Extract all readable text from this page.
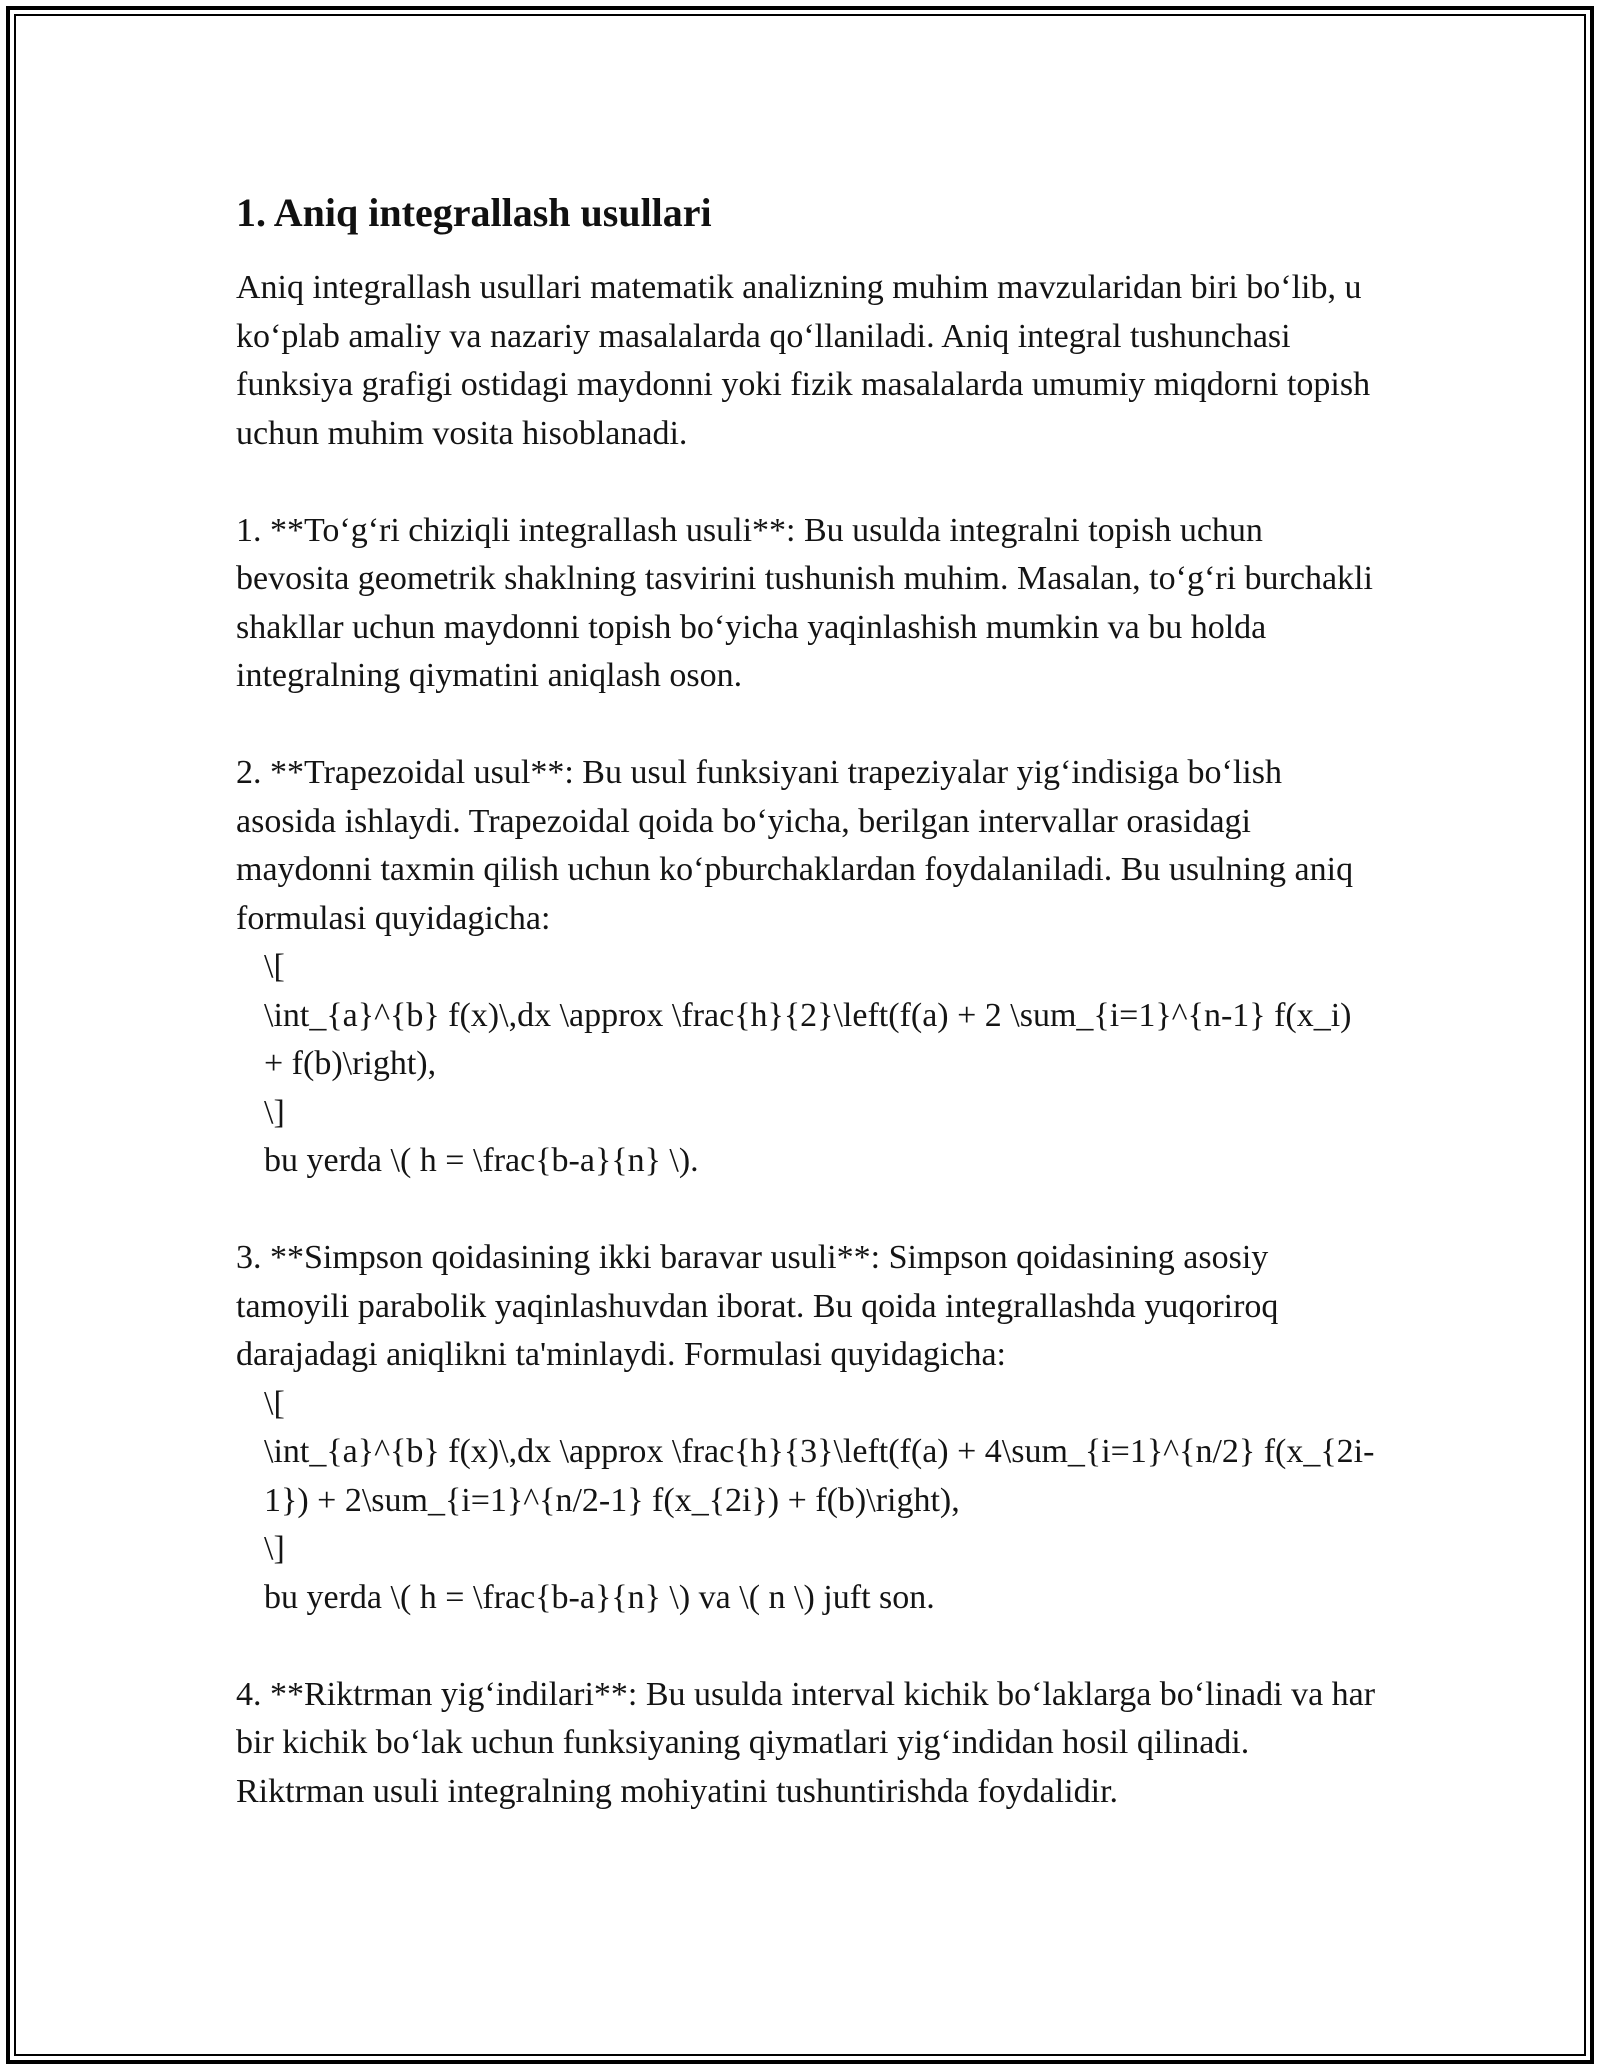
1. Aniq integrallash usullari

Aniq integrallash usullari matematik analizning muhim mavzularidan biri bo‘lib, u ko‘plab amaliy va nazariy masalalarda qo‘llaniladi. Aniq integral tushunchasi funksiya grafigi ostidagi maydonni yoki fizik masalalarda umumiy miqdorni topish uchun muhim vosita hisoblanadi.

1. **To‘g‘ri chiziqli integrallash usuli**: Bu usulda integralni topish uchun bevosita geometrik shaklning tasvirini tushunish muhim. Masalan, to‘g‘ri burchakli shakllar uchun maydonni topish bo‘yicha yaqinlashish mumkin va bu holda integralning qiymatini aniqlash oson.

2. **Trapezoidal usul**: Bu usul funksiyani trapeziyalar yig‘indisiga bo‘lish asosida ishlaydi. Trapezoidal qoida bo‘yicha, berilgan intervallar orasidagi maydonni taxmin qilish uchun ko‘pburchaklardan foydalaniladi. Bu usulning aniq formulasi quyidagicha:

\[

\int_{a}^{b} f(x)\,dx \approx \frac{h}{2}\left(f(a) + 2 \sum_{i=1}^{n-1} f(x_i) + f(b)\right),

\]

bu yerda \( h = \frac{b-a}{n} \).

3. **Simpson qoidasining ikki baravar usuli**: Simpson qoidasining asosiy tamoyili parabolik yaqinlashuvdan iborat. Bu qoida integrallashda yuqoriroq darajadagi aniqlikni ta'minlaydi. Formulasi quyidagicha:

\[

\int_{a}^{b} f(x)\,dx \approx \frac{h}{3}\left(f(a) + 4\sum_{i=1}^{n/2} f(x_{2i-1}) + 2\sum_{i=1}^{n/2-1} f(x_{2i}) + f(b)\right),

\]

bu yerda \( h = \frac{b-a}{n} \) va \( n \) juft son.

4. **Riktrman yig‘indilari**: Bu usulda interval kichik bo‘laklarga bo‘linadi va har bir kichik bo‘lak uchun funksiyaning qiymatlari yig‘indidan hosil qilinadi. Riktrman usuli integralning mohiyatini tushuntirishda foydalidir.
